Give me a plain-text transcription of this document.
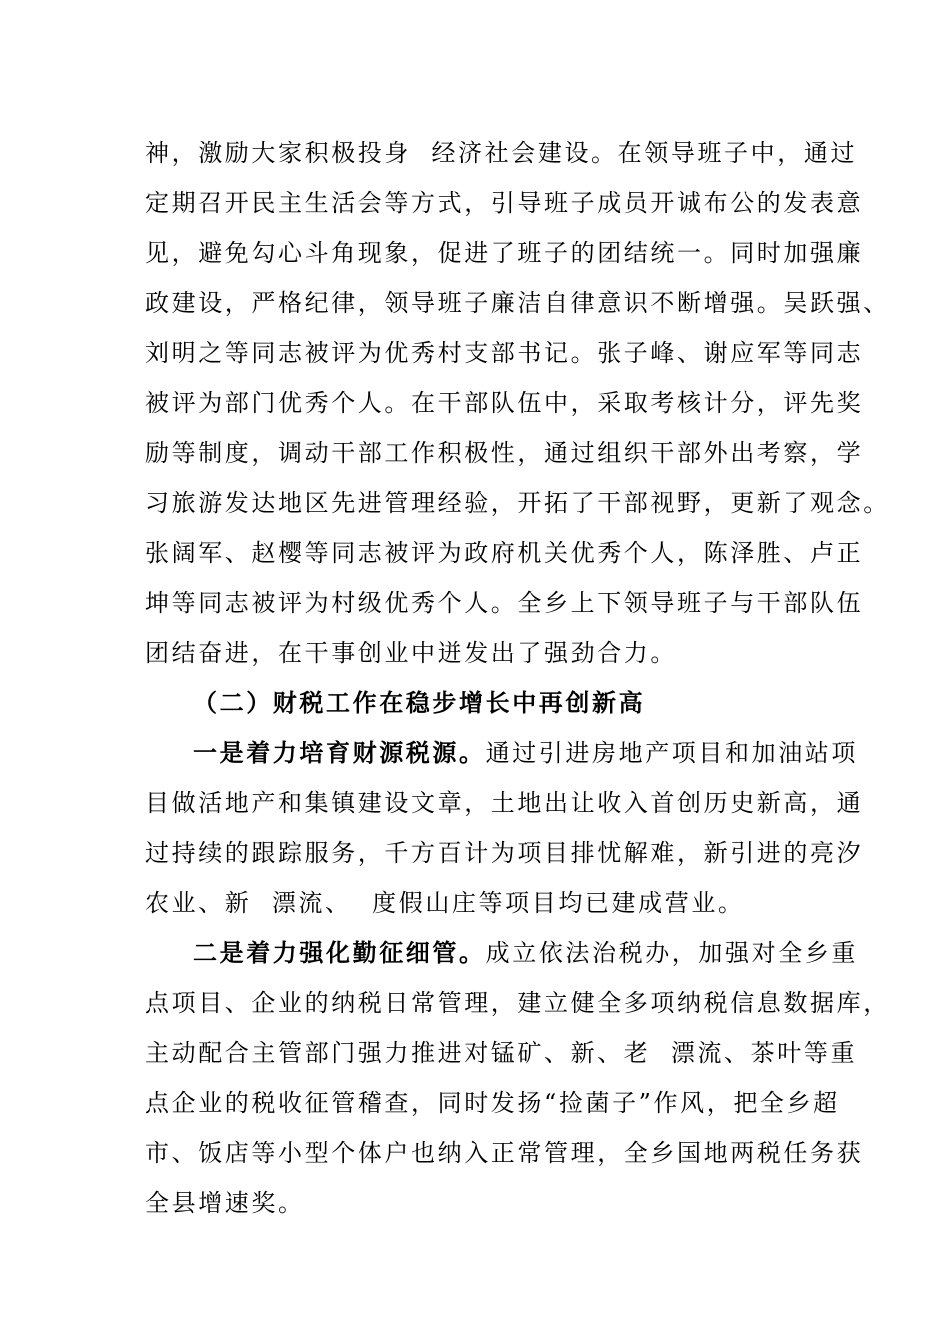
神，激励大家积极投身  经济社会建设。在领导班子中，通过
定期召开民主生活会等方式，引导班子成员开诚布公的发表意
见，避免勾心斗角现象，促进了班子的团结统一。同时加强廉
政建设，严格纪律，领导班子廉洁自律意识不断增强。吴跃强、
刘明之等同志被评为优秀村支部书记。张子峰、谢应军等同志
被评为部门优秀个人。在干部队伍中，采取考核计分，评先奖
励等制度，调动干部工作积极性，通过组织干部外出考察，学
习旅游发达地区先进管理经验，开拓了干部视野，更新了观念。
张阔军、赵樱等同志被评为政府机关优秀个人，陈泽胜、卢正
坤等同志被评为村级优秀个人。全乡上下领导班子与干部队伍
团结奋进，在干事创业中迸发出了强劲合力。
（二）财税工作在稳步增长中再创新高
一是着力培育财源税源。通过引进房地产项目和加油站项
目做活地产和集镇建设文章，土地出让收入首创历史新高，通
过持续的跟踪服务，千方百计为项目排忧解难，新引进的亮汐
农业、新  漂流、  度假山庄等项目均已建成营业。
二是着力强化勤征细管。成立依法治税办，加强对全乡重
点项目、企业的纳税日常管理，建立健全多项纳税信息数据库，
主动配合主管部门强力推进对锰矿、新、老  漂流、茶叶等重
点企业的税收征管稽查，同时发扬“捡菌子”作风，把全乡超
市、饭店等小型个体户也纳入正常管理，全乡国地两税任务获
全县增速奖。
